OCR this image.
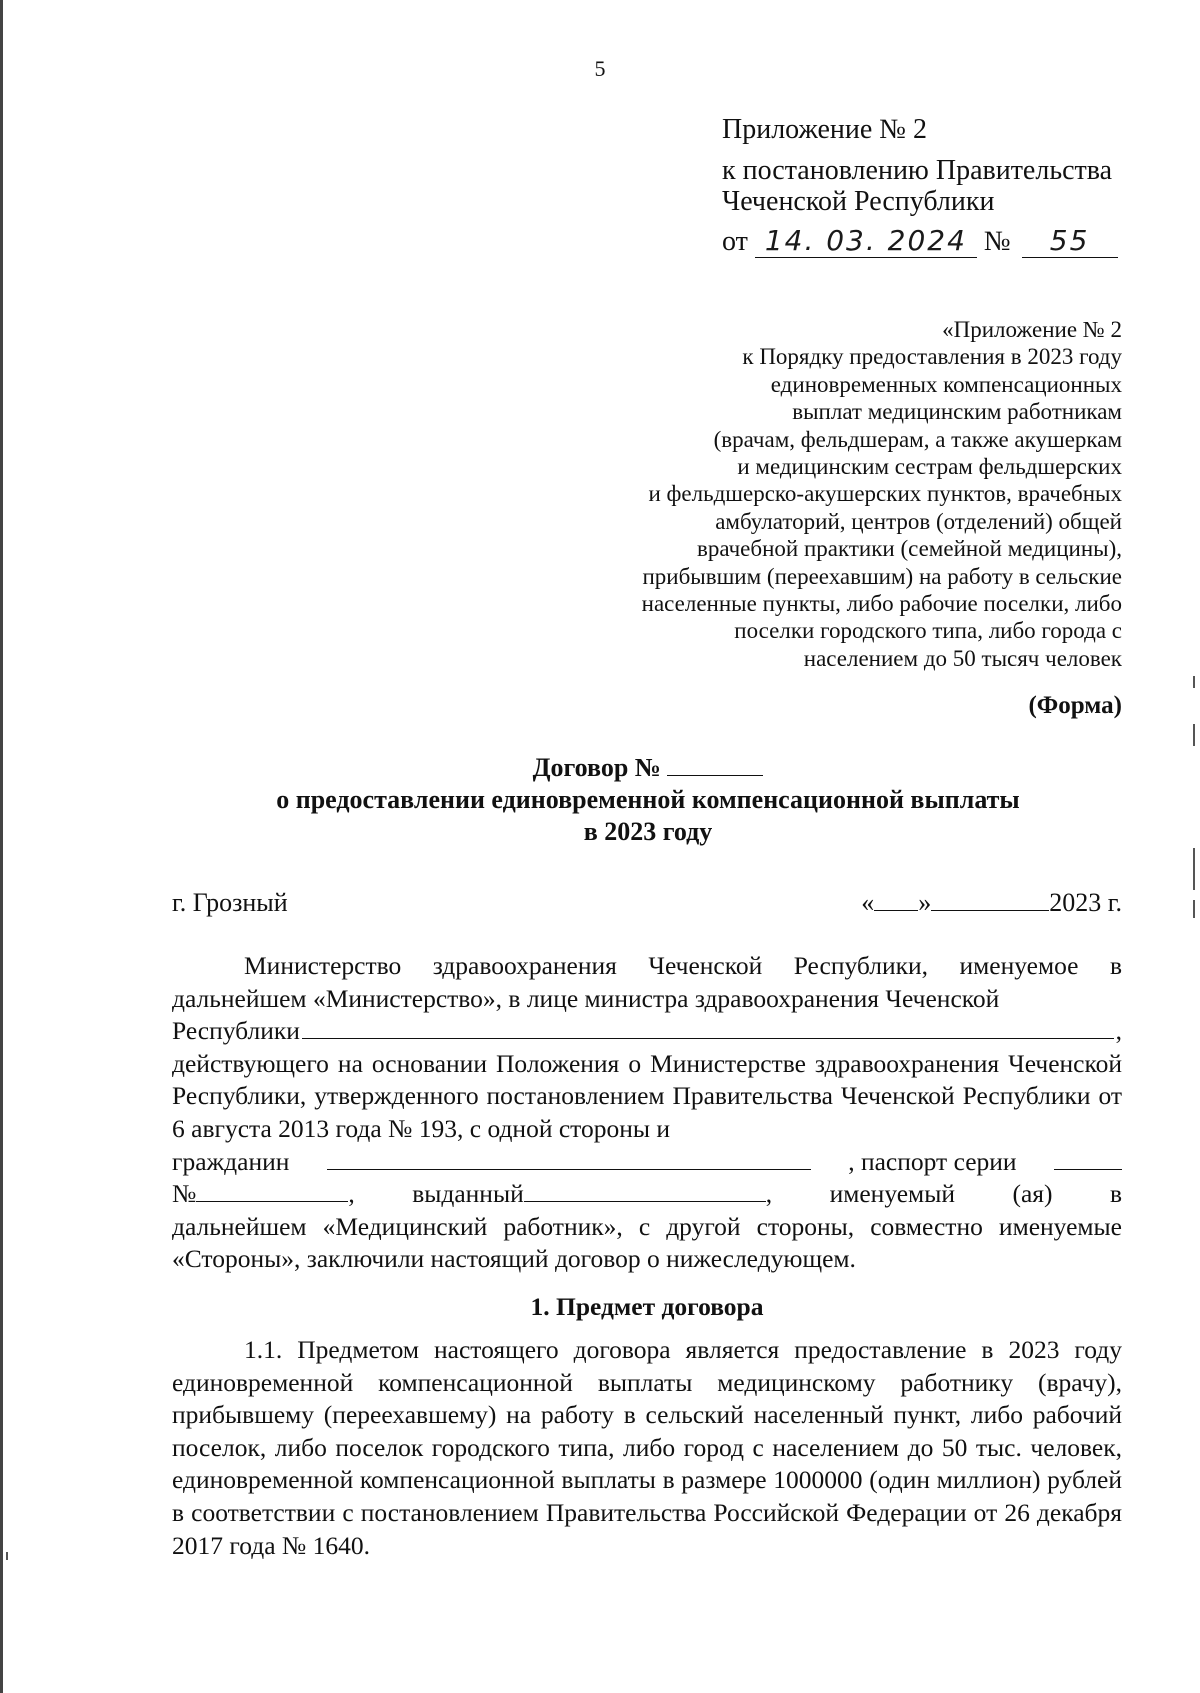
5
Приложение № 2
к постановлению Правительства
Чеченской Республики
от 14. 03. 2024 № 55
«Приложение № 2
к Порядку предоставления в 2023 году
единовременных компенсационных
выплат медицинским работникам
(врачам, фельдшерам, а также акушеркам
и медицинским сестрам фельдшерских
и фельдшерско-акушерских пунктов, врачебных
амбулаторий, центров (отделений) общей
врачебной практики (семейной медицины),
прибывшим (переехавшим) на работу в сельские
населенные пункты, либо рабочие поселки, либо
поселки городского типа, либо города с
населением до 50 тысяч человек
(Форма)
Договор №
о предоставлении единовременной компенсационной выплаты
в 2023 году
г. Грозный	« »	2023 г.
Министерство здравоохранения Чеченской Республики, именуемое в дальнейшем «Министерство», в лице министра здравоохранения Чеченской
Республики	,
действующего на основании Положения о Министерстве здравоохранения Чеченской Республики, утвержденного постановлением Правительства Чеченской Республики от 6 августа 2013 года № 193, с одной стороны и
гражданин	, паспорт серии
№	, выданный	, именуемый (ая) в
дальнейшем «Медицинский работник», с другой стороны, совместно именуемые «Стороны», заключили настоящий договор о нижеследующем.
1. Предмет договора
1.1. Предметом настоящего договора является предоставление в 2023 году единовременной компенсационной выплаты медицинскому работнику (врачу), прибывшему (переехавшему) на работу в сельский населенный пункт, либо рабочий поселок, либо поселок городского типа, либо город с населением до 50 тыс. человек, единовременной компенсационной выплаты в размере 1000000 (один миллион) рублей в соответствии с постановлением Правительства Российской Федерации от 26 декабря 2017 года № 1640.
